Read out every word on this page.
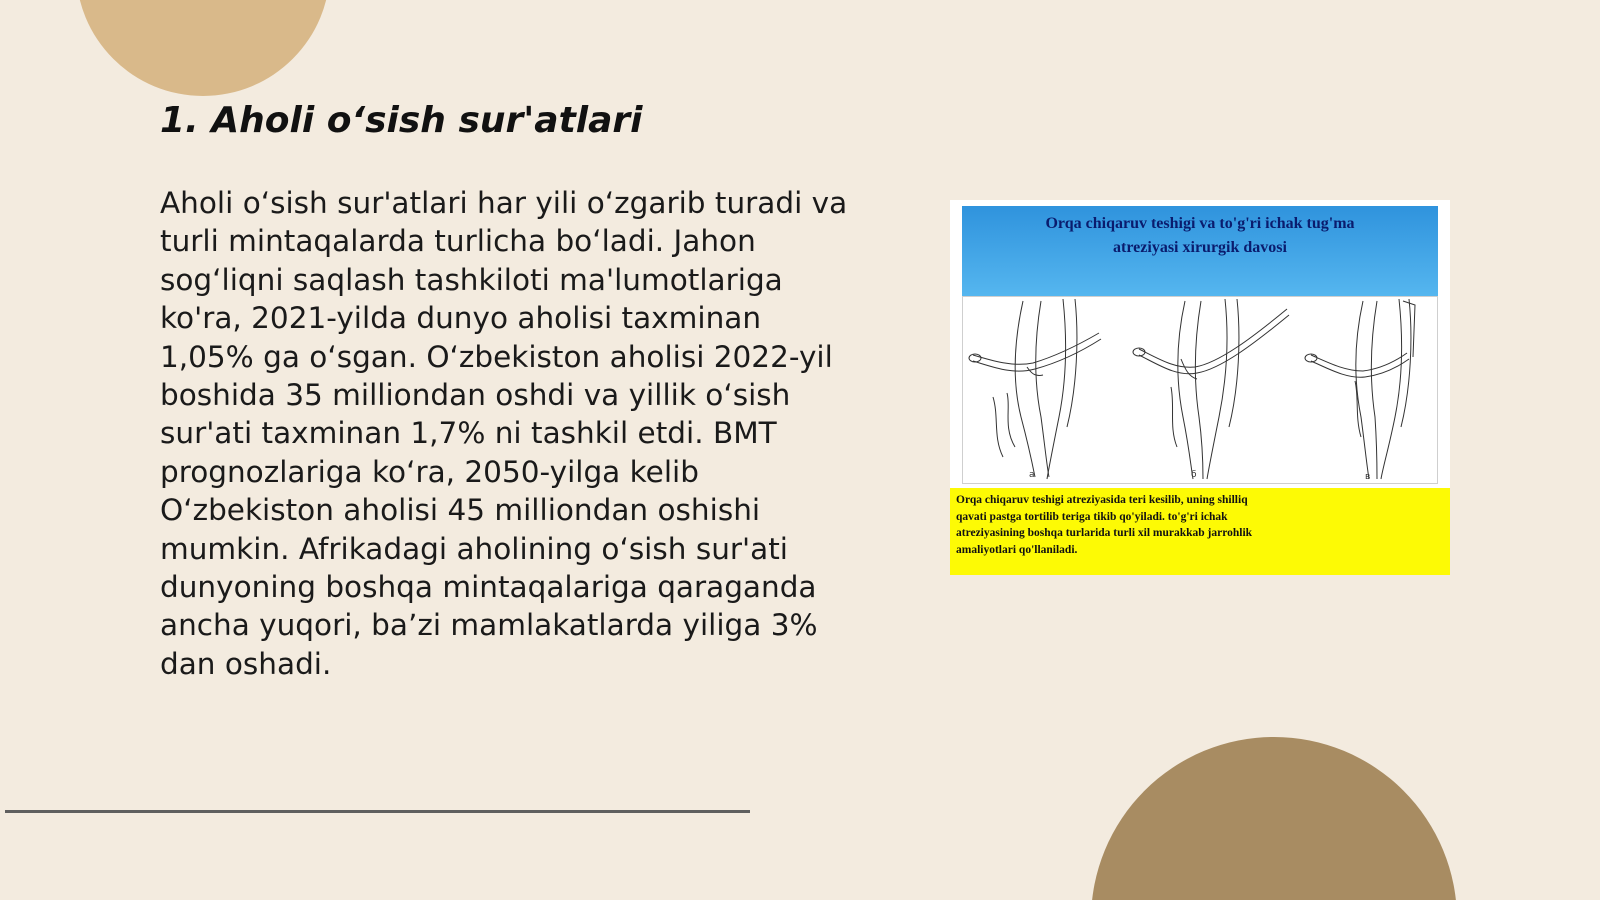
1. Aholi o‘sish sur'atlari

Aholi o‘sish sur'atlari har yili o‘zgarib turadi va turli mintaqalarda turlicha bo‘ladi. Jahon sog‘liqni saqlash tashkiloti ma'lumotlariga ko'ra, 2021-yilda dunyo aholisi taxminan 1,05% ga o‘sgan. O‘zbekiston aholisi 2022-yil boshida 35 milliondan oshdi va yillik o‘sish sur'ati taxminan 1,7% ni tashkil etdi. BMT prognozlariga ko‘ra, 2050-yilga kelib O‘zbekiston aholisi 45 milliondan oshishi mumkin. Afrikadagi aholining o‘sish sur'ati dunyoning boshqa mintaqalariga qaraganda ancha yuqori, ba’zi mamlakatlarda yiliga 3% dan oshadi.

Orqa chiqaruv teshigi va to'g'ri ichak tug'ma
atreziyasi xirurgik davosi
a	б	в
Orqa chiqaruv teshigi atreziyasida teri kesilib, uning shilliq
qavati pastga tortilib teriga tikib qo'yiladi. to'g'ri ichak
atreziyasining boshqa turlarida turli xil murakkab jarrohlik
amaliyotlari qo'llaniladi.
